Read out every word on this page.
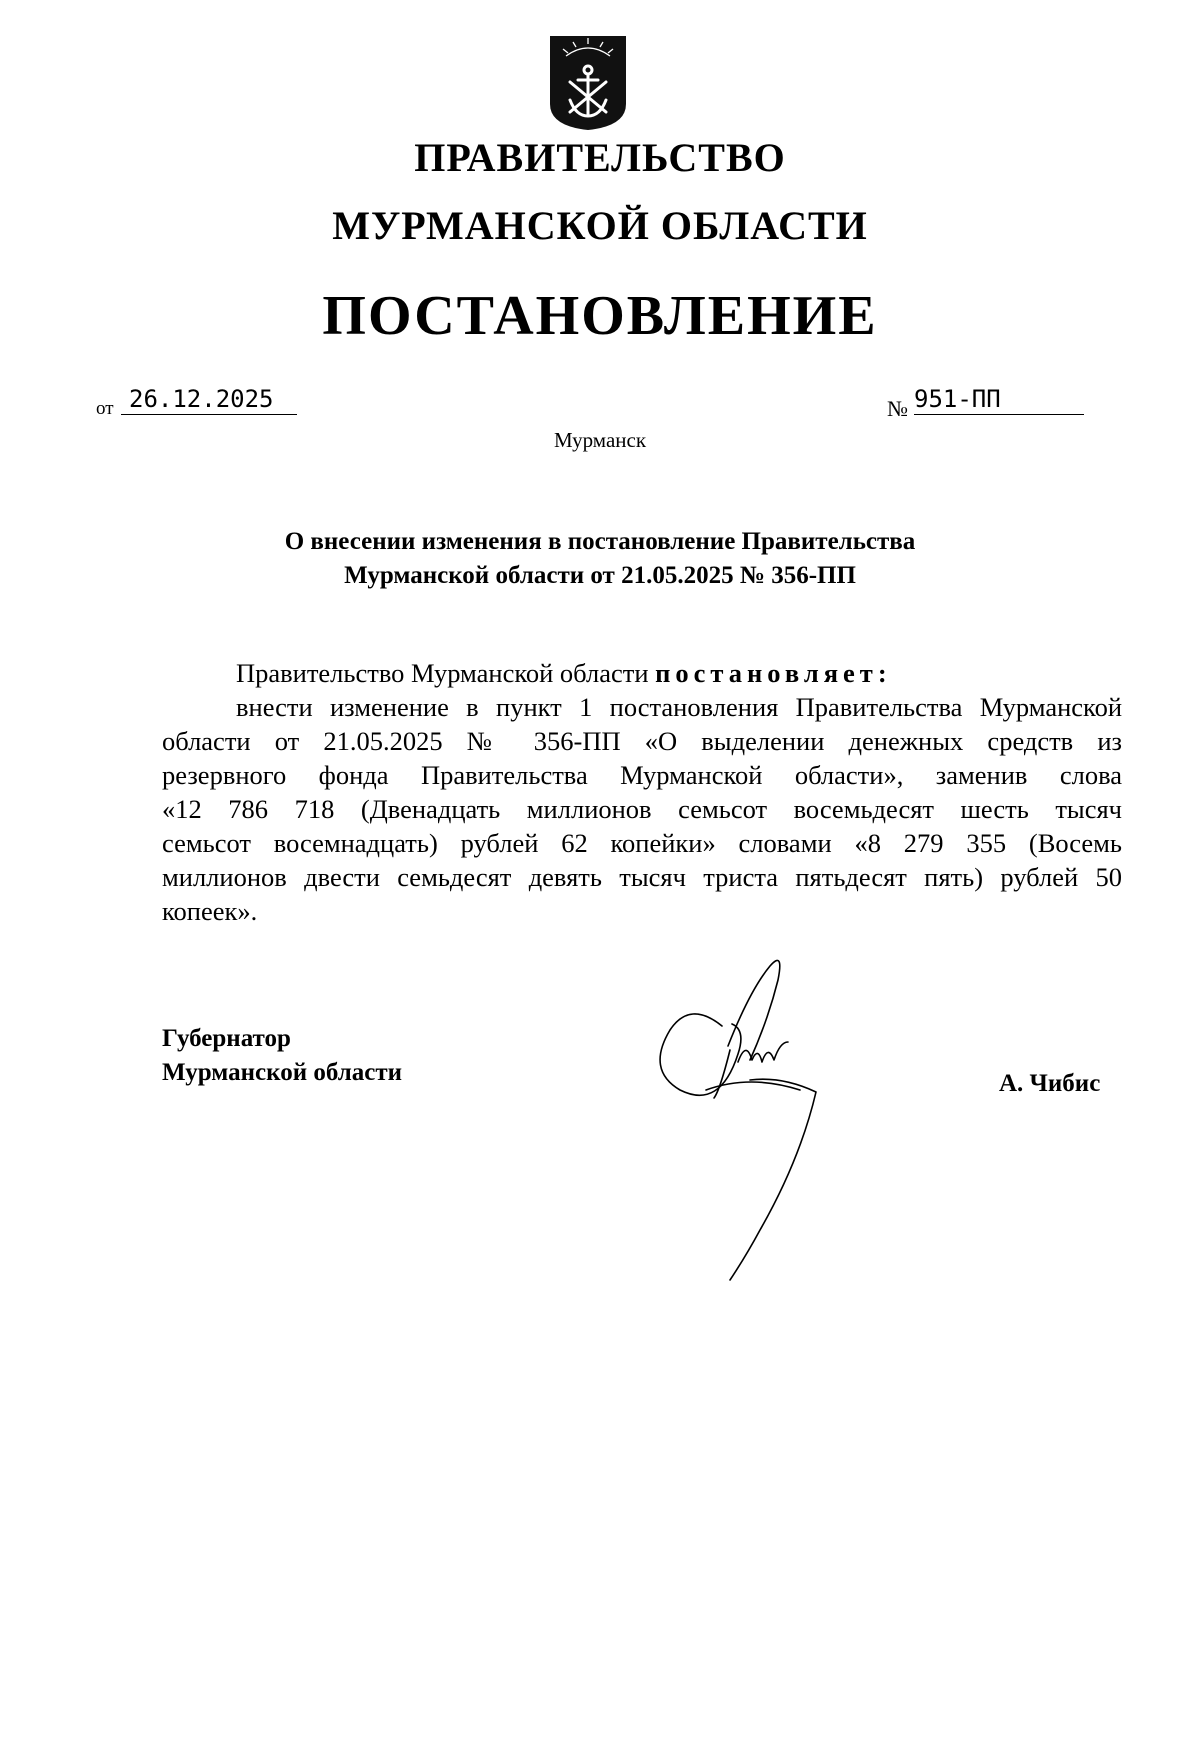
ПРАВИТЕЛЬСТВО
МУРМАНСКОЙ ОБЛАСТИ
ПОСТАНОВЛЕНИЕ
от 26.12.2025	№ 951-ПП
Мурманск
О внесении изменения в постановление Правительства
Мурманской области от 21.05.2025 № 356-ПП
Правительство Мурманской области постановляет:
внести изменение в пункт 1 постановления Правительства Мурманской
области от 21.05.2025 № 356-ПП «О выделении денежных средств из
резервного фонда Правительства Мурманской области», заменив слова
«12 786 718 (Двенадцать миллионов семьсот восемьдесят шесть тысяч
семьсот восемнадцать) рублей 62 копейки» словами «8 279 355 (Восемь
миллионов двести семьдесят девять тысяч триста пятьдесят пять) рублей 50
копеек».
Губернатор
Мурманской области	А. Чибис
